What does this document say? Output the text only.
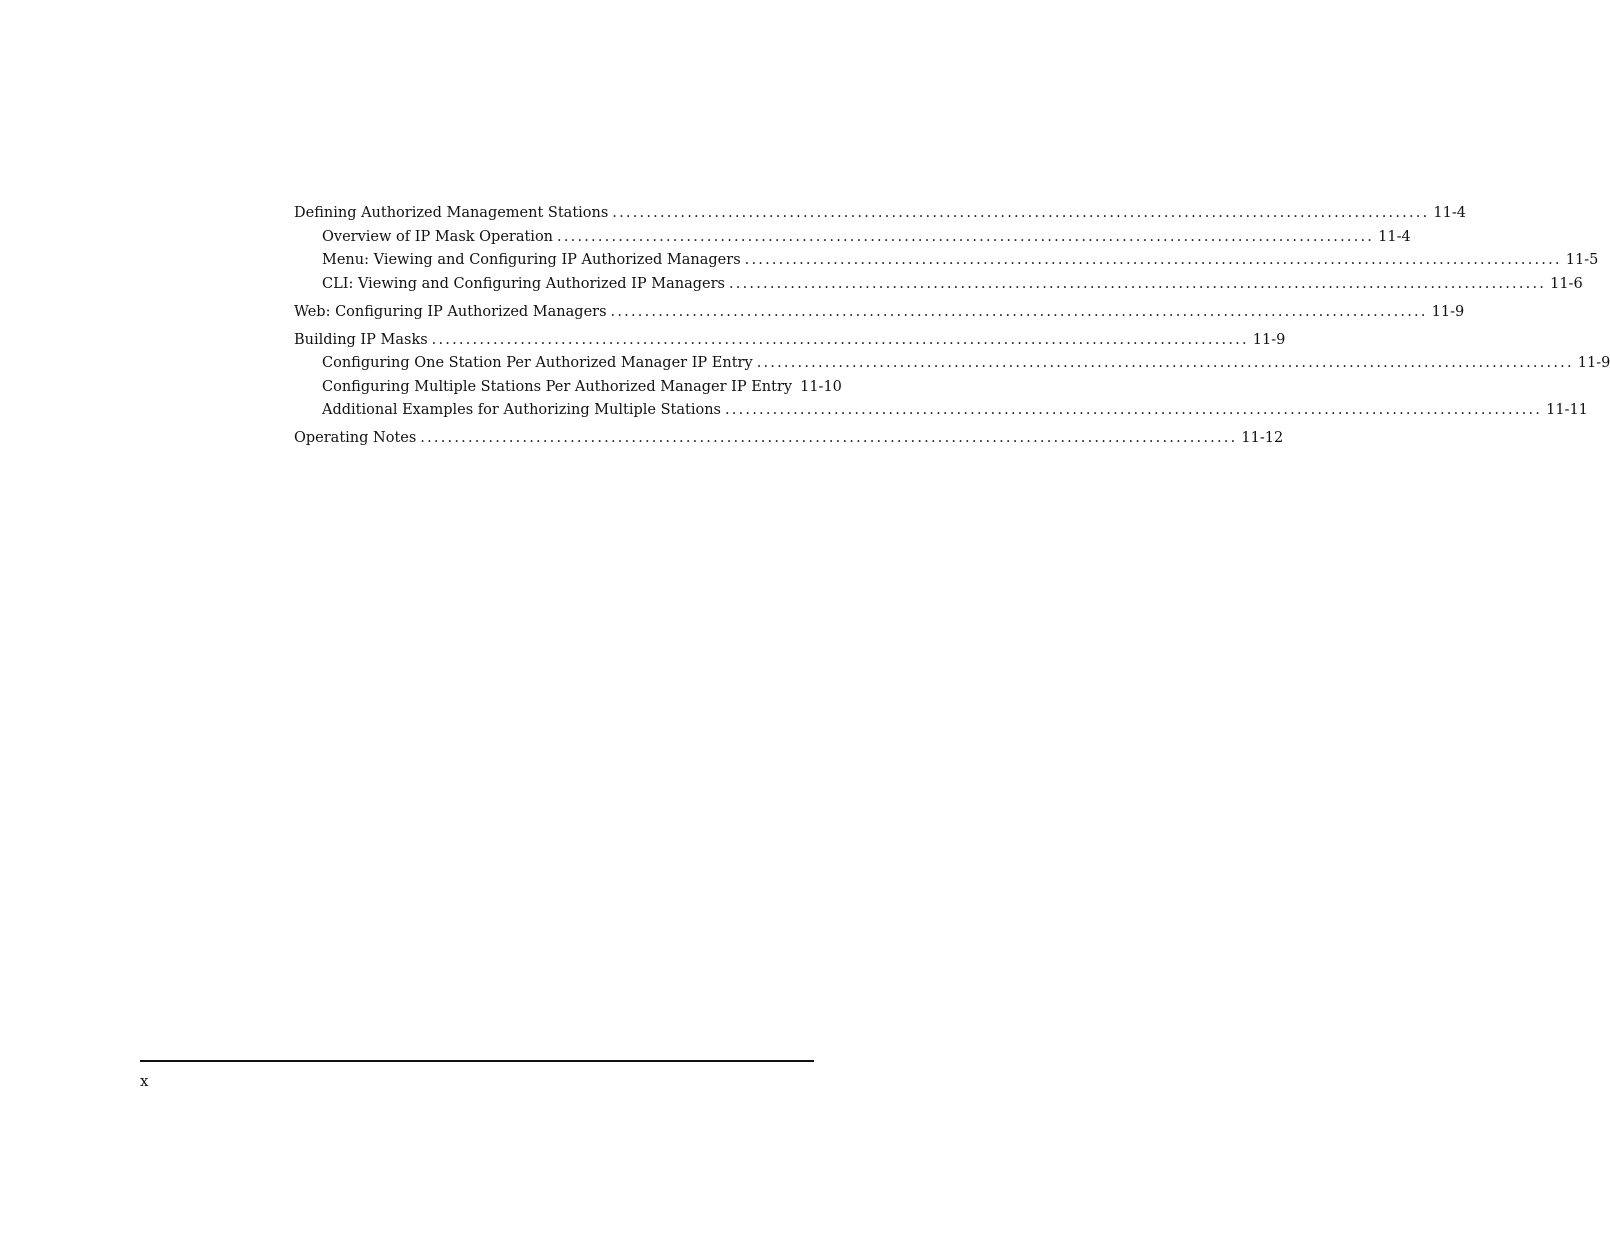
Defining Authorized Management Stations ........................................................................................................................ 11-4
Overview of IP Mask Operation ........................................................................................................................ 11-4
Menu: Viewing and Configuring IP Authorized Managers ........................................................................................................................ 11-5
CLI: Viewing and Configuring Authorized IP Managers ........................................................................................................................ 11-6
Web: Configuring IP Authorized Managers ........................................................................................................................ 11-9
Building IP Masks ........................................................................................................................ 11-9
Configuring One Station Per Authorized Manager IP Entry ........................................................................................................................ 11-9
Configuring Multiple Stations Per Authorized Manager IP Entry 11-10
Additional Examples for Authorizing Multiple Stations ........................................................................................................................ 11-11
Operating Notes ........................................................................................................................ 11-12
x
